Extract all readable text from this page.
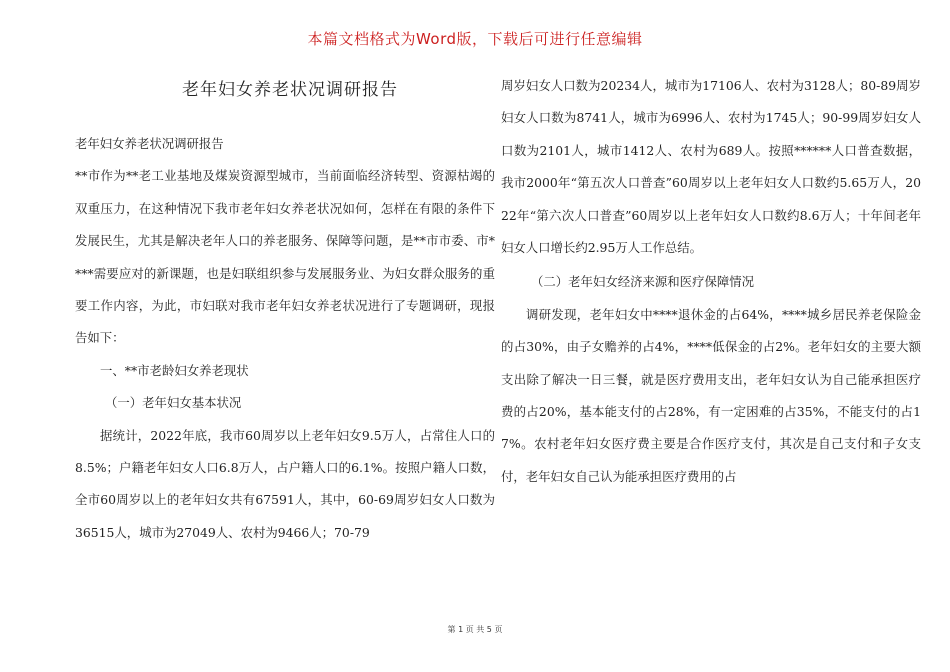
本篇文档格式为Word版，下载后可进行任意编辑
老年妇女养老状况调研报告

老年妇女养老状况调研报告

**市作为**老工业基地及煤炭资源型城市，当前面临经济转型、资源枯竭的双重压力，在这种情况下我市老年妇女养老状况如何，怎样在有限的条件下发展民生，尤其是解决老年人口的养老服务、保障等问题，是**市市委、市****需要应对的新课题，也是妇联组织参与发展服务业、为妇女群众服务的重要工作内容，为此，市妇联对我市老年妇女养老状况进行了专题调研，现报告如下：

一、**市老龄妇女养老现状

（一）老年妇女基本状况

据统计，2022年底，我市60周岁以上老年妇女9.5万人，占常住人口的8.5%；户籍老年妇女人口6.8万人，占户籍人口的6.1%。按照户籍人口数，全市60周岁以上的老年妇女共有67591人，其中，60-69周岁妇女人口数为36515人，城市为27049人、农村为9466人；70-79

周岁妇女人口数为20234人，城市为17106人、农村为3128人；80-89周岁妇女人口数为8741人，城市为6996人、农村为1745人；90-99周岁妇女人口数为2101人，城市1412人、农村为689人。按照******人口普查数据，我市2000年“第五次人口普查”60周岁以上老年妇女人口数约5.65万人，2022年“第六次人口普查”60周岁以上老年妇女人口数约8.6万人；十年间老年妇女人口增长约2.95万人工作总结。

（二）老年妇女经济来源和医疗保障情况

调研发现，老年妇女中****退休金的占64%，****城乡居民养老保险金的占30%，由子女赡养的占4%，****低保金的占2%。老年妇女的主要大额支出除了解决一日三餐，就是医疗费用支出，老年妇女认为自己能承担医疗费的占20%，基本能支付的占28%，有一定困难的占35%，不能支付的占17%。农村老年妇女医疗费主要是合作医疗支付，其次是自己支付和子女支付，老年妇女自己认为能承担医疗费用的占

第 1 页 共 5 页
